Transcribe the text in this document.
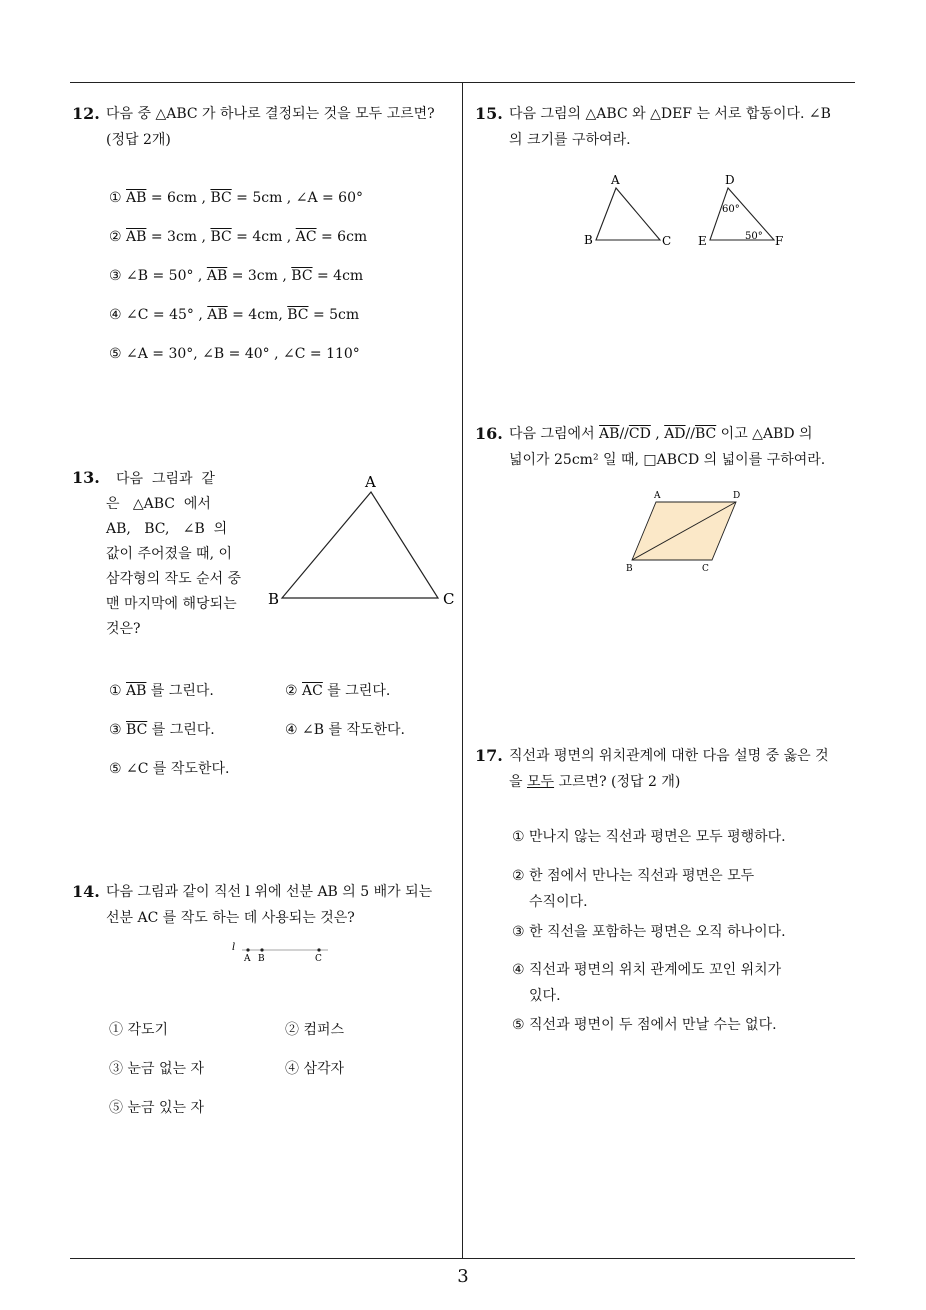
12. 다음 중 △ABC 가 하나로 결정되는 것을 모두 고르면?
(정답 2개)
① $\overline{AB} = 6cm$ , $\overline{BC} = 5cm$ , ∠A = 60°
② $\overline{AB} = 3cm$ , $\overline{BC} = 4cm$ , $\overline{AC} = 6cm$
③ ∠B = 50° , $\overline{AB} = 3cm$ , $\overline{BC} = 4cm$
④ ∠C = 45° , $\overline{AB} = 4cm$, $\overline{BC} = 5cm$
⑤ ∠A = 30°, ∠B = 40° , ∠C = 110°
13. 다음  그림과  같
은   △ABC  에서
AB,   BC,   ∠B  의
값이 주어졌을 때, 이
삼각형의 작도 순서 중
맨 마지막에 해당되는
것은?
A
B	C
① $\overline{AB}$ 를 그린다.	② $\overline{AC}$ 를 그린다.
③ $\overline{BC}$ 를 그린다.	④ ∠B 를 작도한다.
⑤ ∠C 를 작도한다.
14. 다음 그림과 같이 직선 l 위에 선분 AB 의 5 배가 되는
선분 AC 를 작도 하는 데 사용되는 것은?
l
A B	C
① 각도기	② 컴퍼스
③ 눈금 없는 자	④ 삼각자
⑤ 눈금 있는 자
15. 다음 그림의 △ABC 와 △DEF 는 서로 합동이다. ∠B
의 크기를 구하여라.
A
B	C
D
E	F
60°
50°
16. 다음 그림에서 $\overline{AB}//\overline{CD}$ , $\overline{AD}//\overline{BC}$ 이고 △ABD 의
넓이가 25cm² 일 때, □ABCD 의 넓이를 구하여라.
A	D
B	C
17. 직선과 평면의 위치관계에 대한 다음 설명 중 옳은 것
을 모두 고르면? (정답 2 개)
① 만나지 않는 직선과 평면은 모두 평행하다.
② 한 점에서 만나는 직선과 평면은 모두
수직이다.
③ 한 직선을 포함하는 평면은 오직 하나이다.
④ 직선과 평면의 위치 관계에도 꼬인 위치가
있다.
⑤ 직선과 평면이 두 점에서 만날 수는 없다.
3
